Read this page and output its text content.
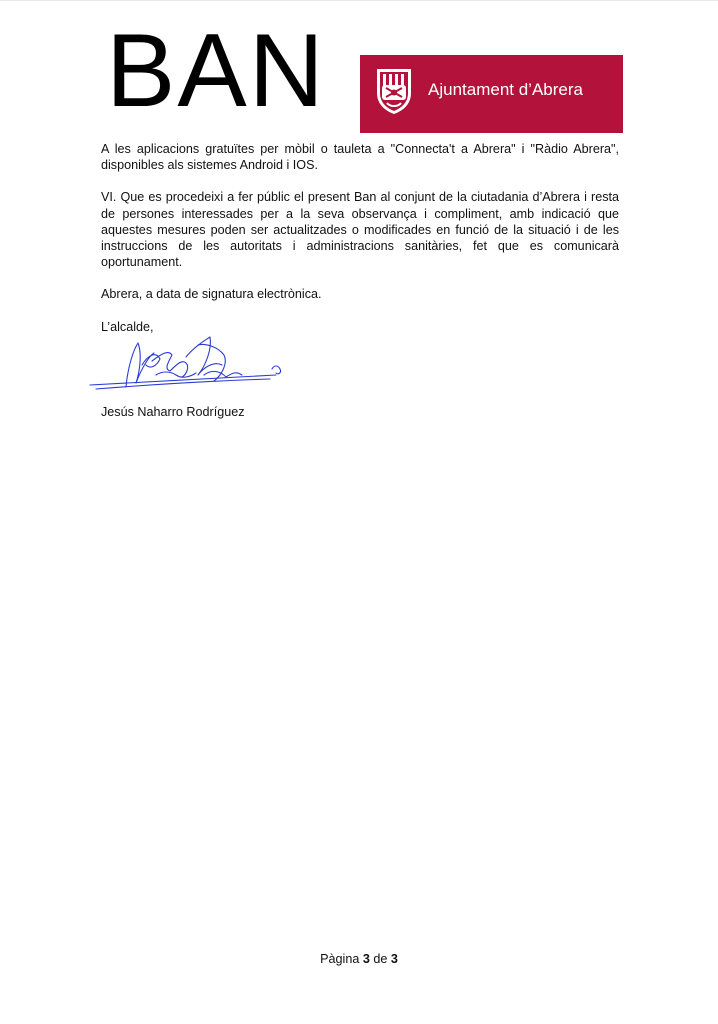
BAN	Ajuntament d’Abrera

A les aplicacions gratuïtes per mòbil o tauleta a "Connecta't a Abrera" i "Ràdio Abrera", disponibles als sistemes Android i IOS.

VI. Que es procedeixi a fer públic el present Ban al conjunt de la ciutadania d’Abrera i resta de persones interessades per a la seva observança i compliment, amb indicació que aquestes mesures poden ser actualitzades o modificades en funció de la situació i de les instruccions de les autoritats i administracions sanitàries, fet que es comunicarà oportunament.

Abrera, a data de signatura electrònica.

L’alcalde,

Jesús Naharro Rodríguez
Pàgina 3 de 3
